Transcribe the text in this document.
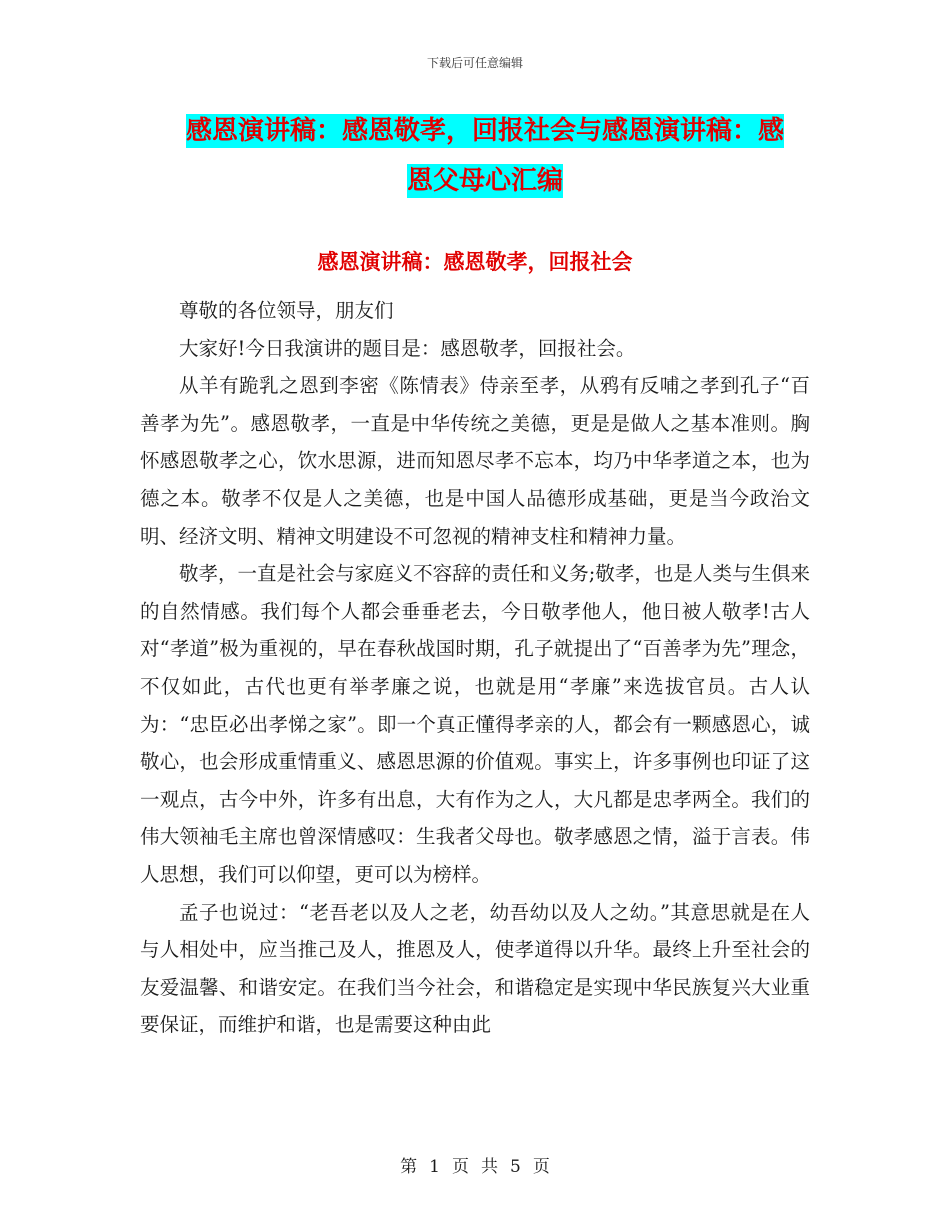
下载后可任意编辑
感恩演讲稿：感恩敬孝，回报社会与感恩演讲稿：感
恩父母心汇编
感恩演讲稿：感恩敬孝，回报社会

尊敬的各位领导，朋友们

大家好!今日我演讲的题目是：感恩敬孝，回报社会。

从羊有跪乳之恩到李密《陈情表》侍亲至孝，从鸦有反哺之孝到孔子“百善孝为先”。感恩敬孝，一直是中华传统之美德，更是是做人之基本准则。胸怀感恩敬孝之心，饮水思源，进而知恩尽孝不忘本，均乃中华孝道之本，也为德之本。敬孝不仅是人之美德，也是中国人品德形成基础，更是当今政治文明、经济文明、精神文明建设不可忽视的精神支柱和精神力量。

敬孝，一直是社会与家庭义不容辞的责任和义务;敬孝，也是人类与生俱来的自然情感。我们每个人都会垂垂老去，今日敬孝他人，他日被人敬孝!古人对“孝道”极为重视的，早在春秋战国时期，孔子就提出了“百善孝为先”理念，不仅如此，古代也更有举孝廉之说，也就是用“孝廉”来选拔官员。古人认为：“忠臣必出孝悌之家”。即一个真正懂得孝亲的人，都会有一颗感恩心，诚敬心，也会形成重情重义、感恩思源的价值观。事实上，许多事例也印证了这一观点，古今中外，许多有出息，大有作为之人，大凡都是忠孝两全。我们的伟大领袖毛主席也曾深情感叹：生我者父母也。敬孝感恩之情，溢于言表。伟人思想，我们可以仰望，更可以为榜样。

孟子也说过：“老吾老以及人之老，幼吾幼以及人之幼。”其意思就是在人与人相处中，应当推己及人，推恩及人，使孝道得以升华。最终上升至社会的友爱温馨、和谐安定。在我们当今社会，和谐稳定是实现中华民族复兴大业重要保证，而维护和谐，也是需要这种由此

第 1 页 共 5 页
